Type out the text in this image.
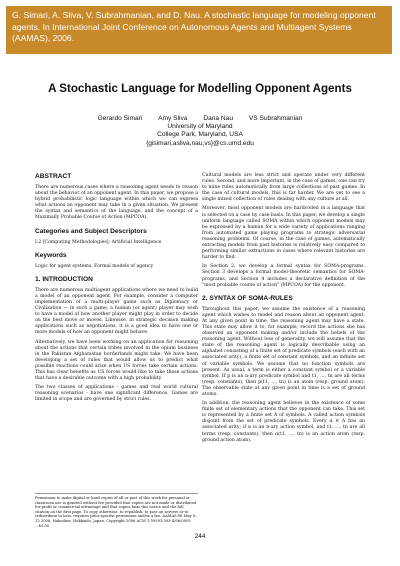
G. Simari, A. Sliva, V. Subrahmanian, and D. Nau. A stochastic language for modeling opponent agents. In International Joint Conference on Autonomous Agents and Multiagent Systems (AAMAS), 2006.
A Stochastic Language for Modelling Opponent Agents
Gerardo Simari Amy Sliva Dana Nau VS Subrahmanian
University of Maryland
College Park, Maryland, USA
{gisimari,asliva,nau,vs}@cs.umd.edu
ABSTRACT

There are numerous cases where a reasoning agent needs to reason about the behavior of an opponent agent. In this paper, we propose a hybrid probabilistic logic language within which we can express what actions an opponent may take in a given situation. We present the syntax and semantics of the language, and the concept of a Maximally Probable Course of Action (MPCOA).

Categories and Subject Descriptors

I.2 [Computing Methodologies]: Artificial Intelligence

Keywords

Logic for agent systems, Formal models of agency

1. INTRODUCTION

There are numerous multiagent applications where we need to build a model of an opponent agent. For example, consider a computer implementation of a multi-player game such as Diplomacy or Civilization — in such a game, a human (or agent) player may wish to have a model of how another player might play in order to decide on the best move or moves. Likewise, in strategic decision making applications such as negotiations, it is a good idea to have one or more models of how an opponent might behave.

Alternatively, we have been working on an application for reasoning about the actions that certain tribes involved in the opium business in the Pakistan Afghanistan borderlands might take. We have been developing a set of rules that would allow us to predict what possible reactions could arise when US forces take certain actions. This has clear benefits as US forces would like to take those actions that have a desirable outcome with a high probability.

The two classes of applications - games and real world cultural reasoning scenarios - have one significant difference. Games are limited in scope and are governed by strict rules.

Permission to make digital or hard copies of all or part of this work for personal or classroom use is granted without fee provided that copies are not made or distributed for profit or commercial advantage and that copies bear this notice and the full citation on the first page. To copy otherwise, to republish, to post on servers or to redistribute to lists, requires prior specific permission and/or a fee. AAMAS'06 May 8–12 2006, Hakodate, Hokkaido, Japan. Copyright 2006 ACM 1-59593-303-4/06/0005 ...$5.00.

Cultural models are less strict and operate under very different rules. Second, and more important, in the case of games, one can try to mine rules automatically from large collections of past games. In the case of cultural models, this is far harder. We are yet to see a single mixed collection of rules dealing with any culture at all.

Moreover, most opponent models are hardcoded in a language that is selected on a case by case basis. In this paper, we develop a single uniform language called SOMA within which opponent models may be expressed by a human for a wide variety of applications ranging from automated game playing programs to strategic adversarial reasoning problems. Of course, in the case of games, automatically extracting models from past histories is relatively easy compared to performing similar extractions in cases where relevant histories are harder to find.

In Section 2, we develop a formal syntax for SOMA-programs. Section 3 develops a formal model-theoretic semantics for SOMA-programs, and Section 4 includes a declarative definition of the "most probable course of action" (MPCOA) for the opponent.

2. SYNTAX OF SOMA-RULES

Throughout this paper, we assume the existence of a reasoning agent which wishes to model and reason about an opponent agent. At any given point in time, the reasoning agent may have a state. This state may allow it to, for example, record the actions she has observed an opponent making and/or include the beliefs of the reasoning agent. Without loss of generality, we will assume that the state of the reasoning agent is logically describable using an alphabet consisting of a finite set of predicate symbols (each with an associated arity), a finite set of constant symbols, and an infinite set of variable symbols. We assume that no function symbols are present. As usual, a term is either a constant symbol or a variable symbol. If p is an n-ary predicate symbol and t1, ..., tn are all terms (resp. constants), then p(t1, ..., tn) is an atom (resp. ground atom). The observable state at any given point in time is a set of ground atoms.

In addition, the reasoning agent believes in the existence of some finite set of elementary actions that the opponent can take. This set is represented by a finite set A of symbols. A called action symbols disjoint from the set of predicate symbols. Every α ∈ A has an associated arity; if α is an n-ary action symbol, and t1, ..., tn are all terms (resp. constants), then α(t1, ..., tn) is an action atom (resp. ground action atom).

244
